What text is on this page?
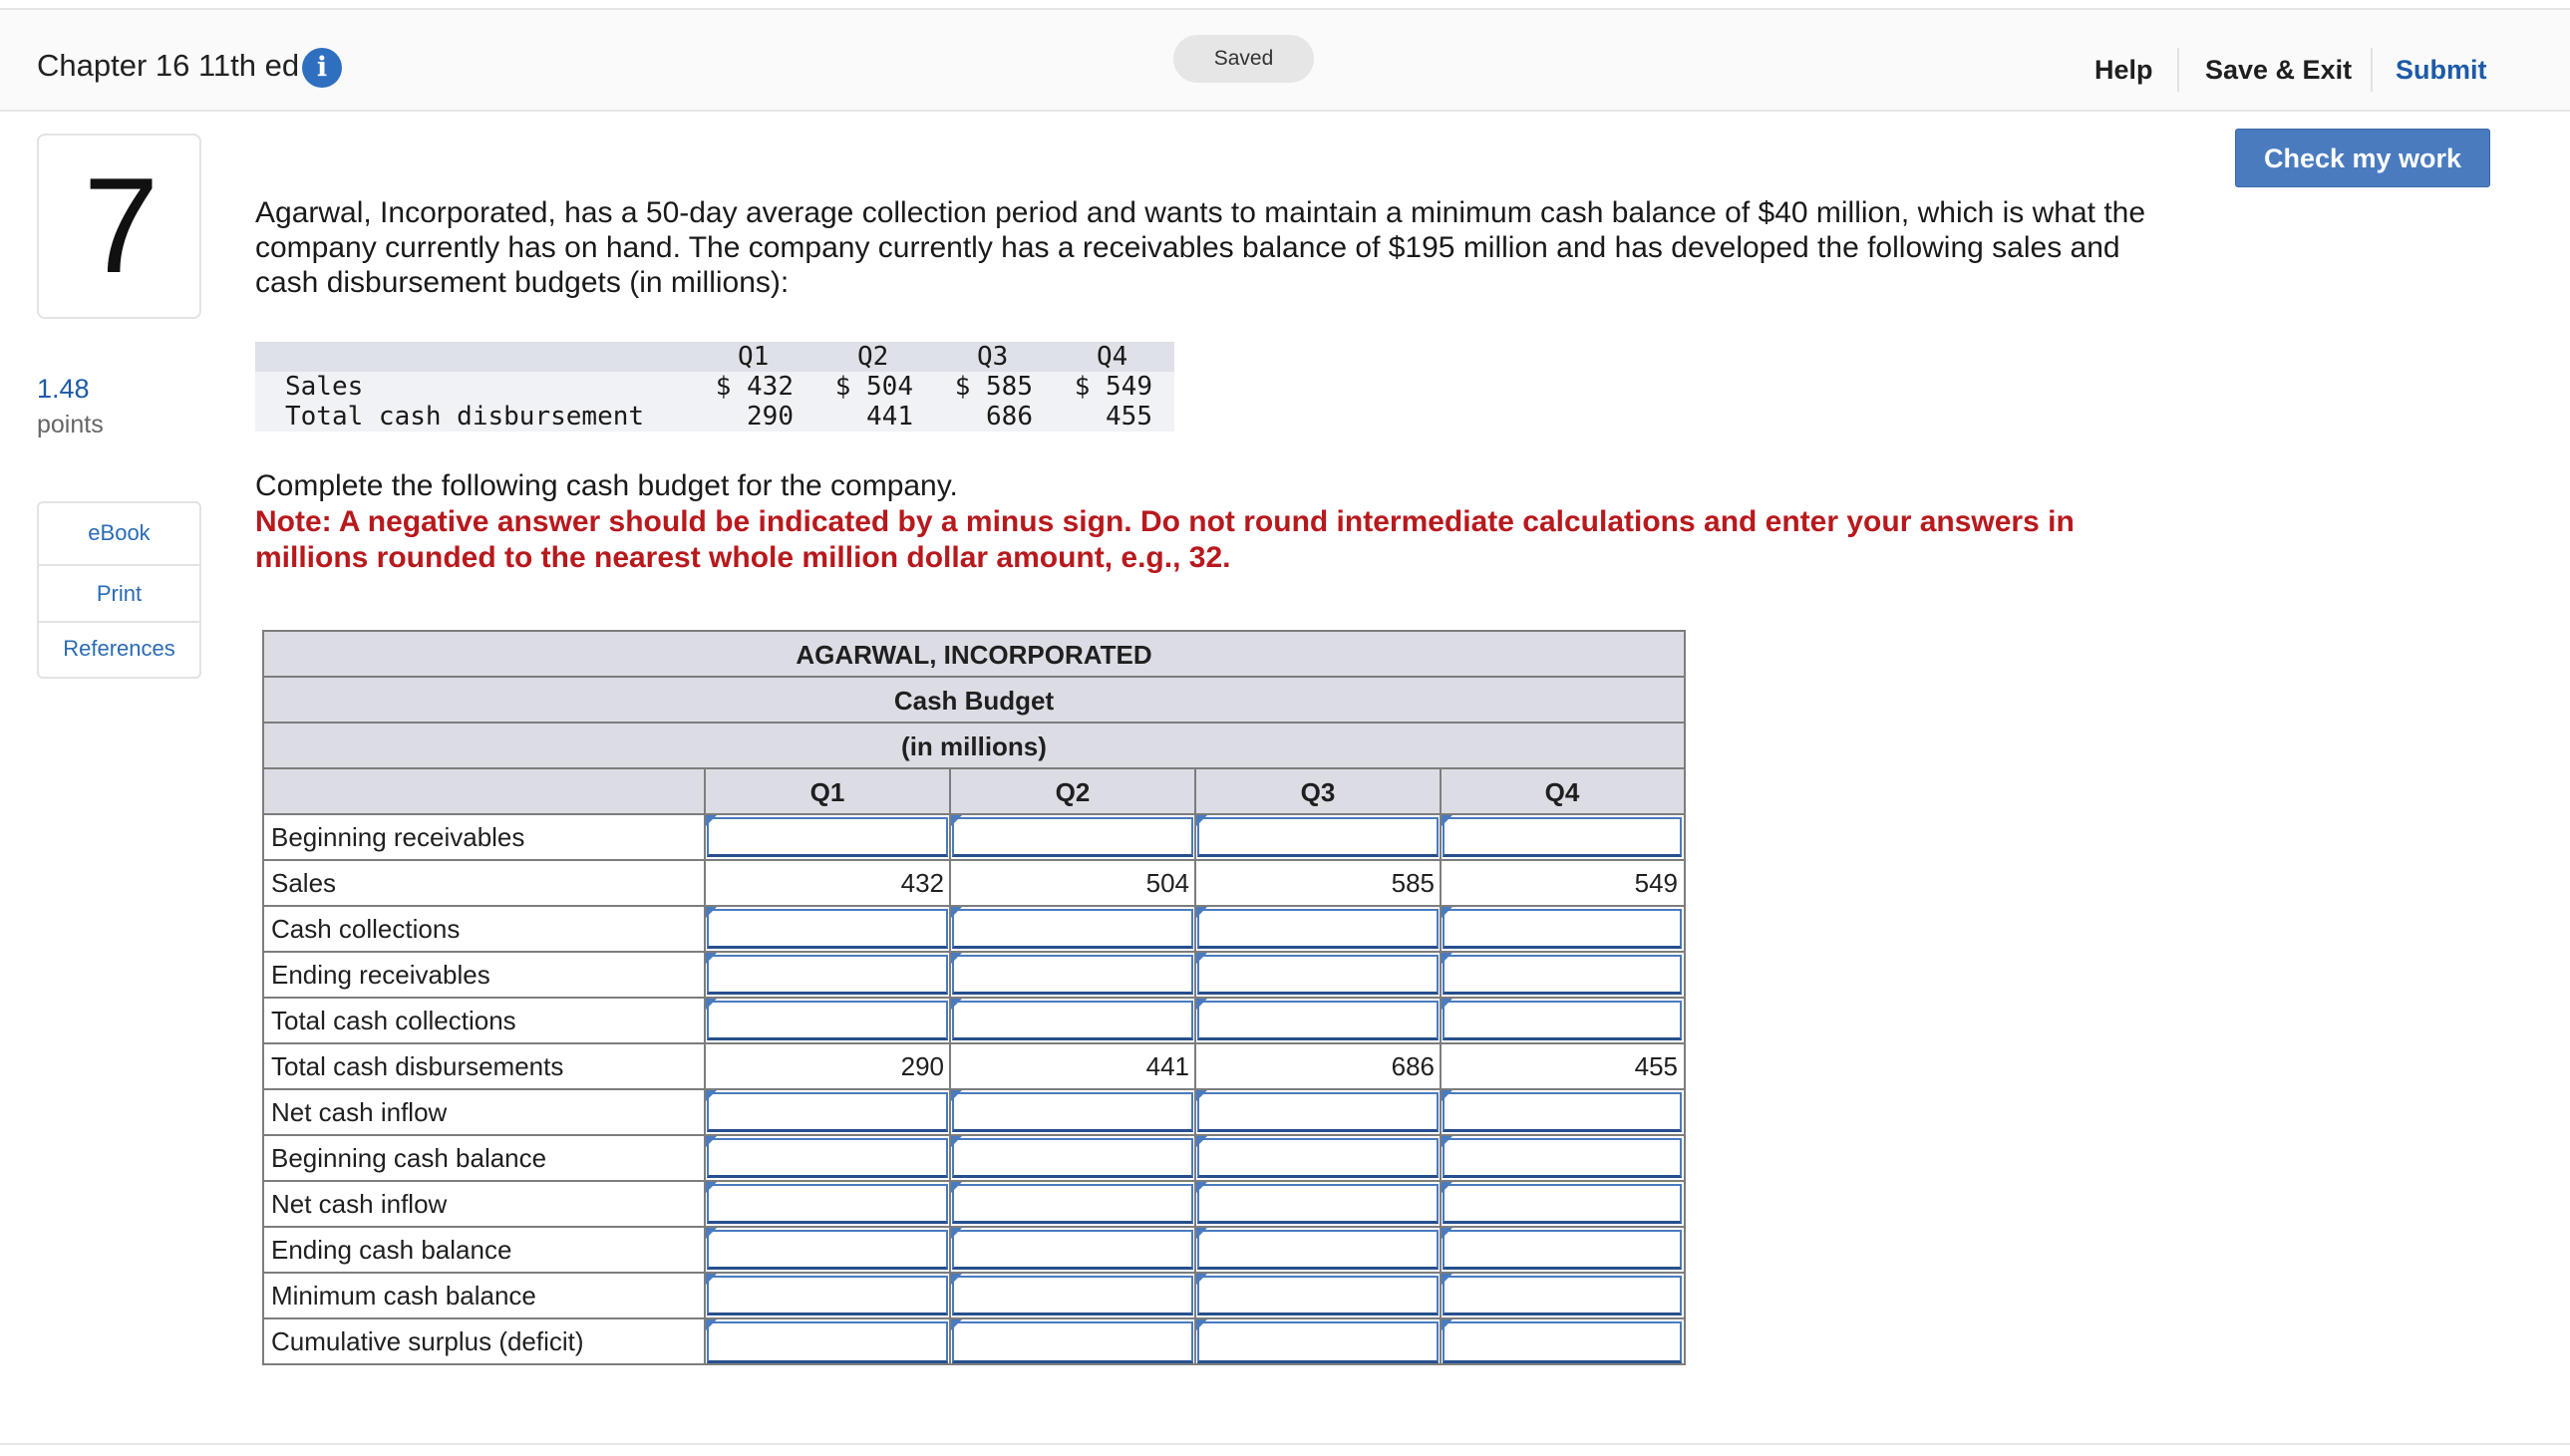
Chapter 16 11th ed i	Saved	Help Save & Exit Submit
7
1.48
points
eBook
Print
References
Check my work
Agarwal, Incorporated, has a 50-day average collection period and wants to maintain a minimum cash balance of $40 million, which is what the company currently has on hand. The company currently has a receivables balance of $195 million and has developed the following sales and cash disbursement budgets (in millions):
Q1	Q2	Q3	Q4
Sales	$ 432 $ 504 $ 585 $ 549
Total cash disbursement	290	441	686	455
Complete the following cash budget for the company.
Note: A negative answer should be indicated by a minus sign. Do not round intermediate calculations and enter your answers in millions rounded to the nearest whole million dollar amount, e.g., 32.
AGARWAL, INCORPORATED
Cash Budget
(in millions)
Q1	Q2	Q3	Q4
Beginning receivables
Sales	432	504	585	549
Cash collections
Ending receivables
Total cash collections
Total cash disbursements	290	441	686	455
Net cash inflow
Beginning cash balance
Net cash inflow
Ending cash balance
Minimum cash balance
Cumulative surplus (deficit)
